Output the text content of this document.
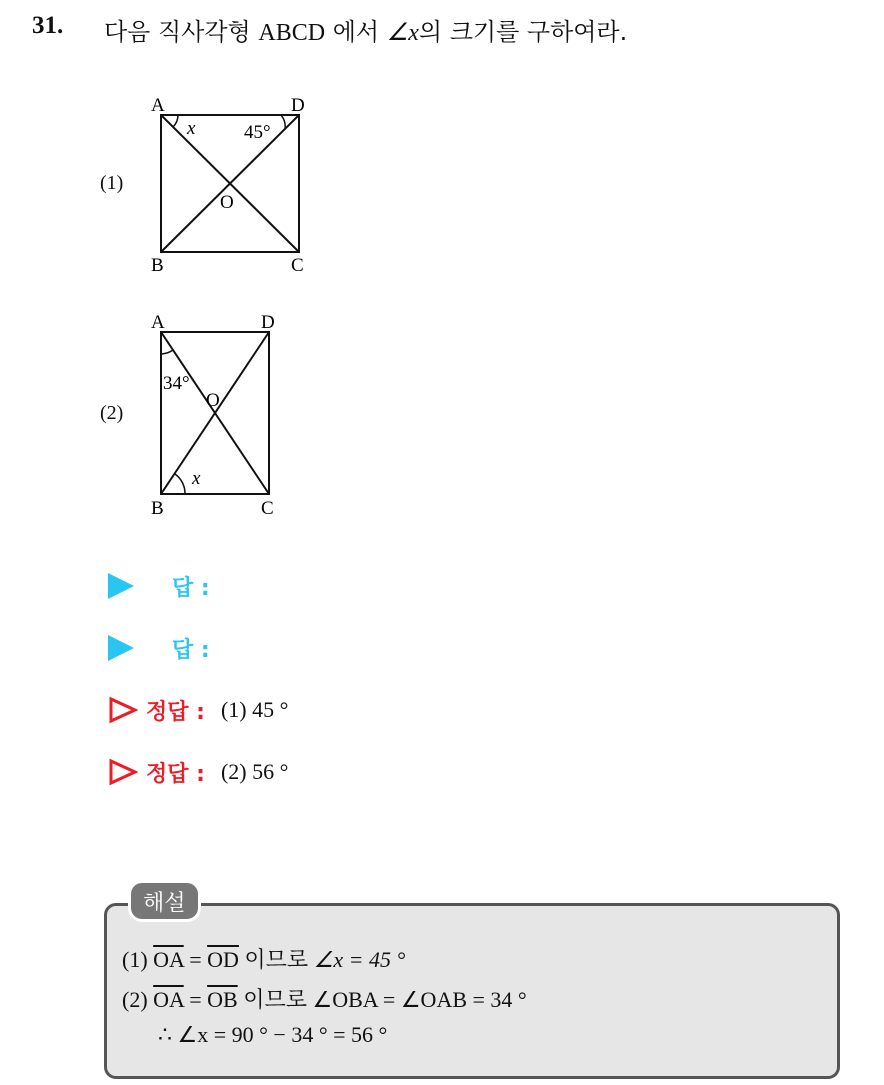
31. 다음 직사각형 ABCD 에서 ∠x의 크기를 구하여라.
(1)
A	D
B	C
O
x	45°
(2)
A	D
B	C
O
34°
x
답 :
답 :
정답 : (1) 45 °
정답 : (2) 56 °
해설
(1) $\overline{OA} = \overline{OD}$ 이므로 ∠x = 45 °
(2) $\overline{OA} = \overline{OB}$ 이므로 ∠OBA = ∠OAB = 34 °
∴ ∠x = 90 ° − 34 ° = 56 °
